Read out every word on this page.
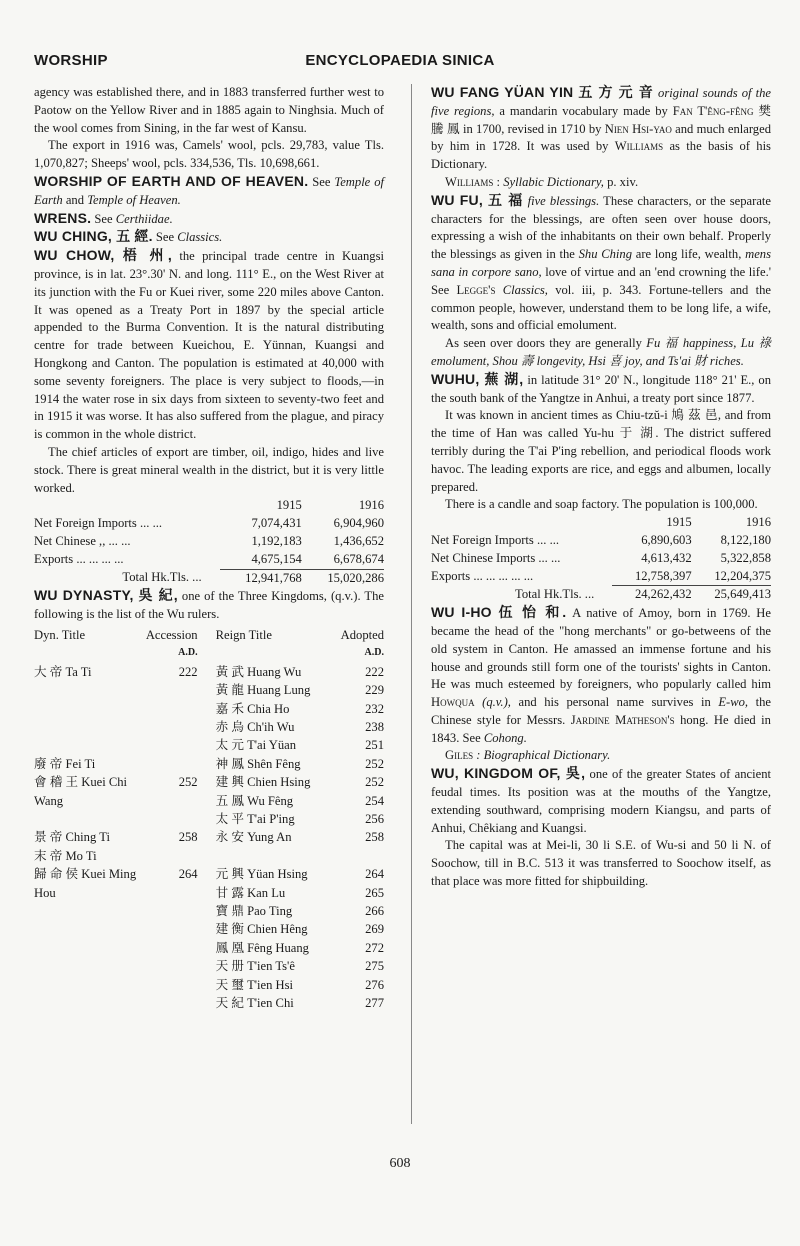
WORSHIP	ENCYCLOPAEDIA SINICA

agency was established there, and in 1883 transferred further west to Paotow on the Yellow River and in 1885 again to Ninghsia. Much of the wool comes from Sining, in the far west of Kansu.

The export in 1916 was, Camels' wool, pcls. 29,783, value Tls. 1,070,827; Sheeps' wool, pcls. 334,536, Tls. 10,698,661.

WORSHIP OF EARTH AND OF HEAVEN. See Temple of Earth and Temple of Heaven.

WRENS. See Certhiidae.

WU CHING, 五 經. See Classics.

WU CHOW, 梧 州, the principal trade centre in Kuangsi province, is in lat. 23°.30' N. and long. 111° E., on the West River at its junction with the Fu or Kuei river, some 220 miles above Canton. It was opened as a Treaty Port in 1897 by the special article appended to the Burma Convention. It is the natural distributing centre for trade between Kueichou, E. Yünnan, Kuangsi and Hongkong and Canton. The population is estimated at 40,000 with some seventy foreigners. The place is very subject to floods,—in 1914 the water rose in six days from sixteen to seventy-two feet and in 1915 it was worse. It has also suffered from the plague, and piracy is common in the whole district.

The chief articles of export are timber, oil, indigo, hides and live stock. There is great mineral wealth in the district, but it is very little worked.

	1915	1916
Net Foreign Imports ... ...	7,074,431	6,904,960
Net Chinese ,, ... ...	1,192,183	1,436,652
Exports ... ... ... ...	4,675,154	6,678,674
Total Hk.Tls. ...	12,941,768	15,020,286

WU DYNASTY, 吳 紀, one of the Three Kingdoms, (q.v.). The following is the list of the Wu rulers.

Dyn. Title	Accession	Reign Title	Adopted
	A.D.		A.D.
大 帝 Ta Ti	222	黃 武 Huang Wu	222
		黃 龍 Huang Lung	229
		嘉 禾 Chia Ho	232
		赤 烏 Ch'ih Wu	238
		太 元 T'ai Yüan	251
廢 帝 Fei Ti		神 鳳 Shên Fêng	252
會 稽 王 Kuei Chi	252	建 興 Chien Hsing	252
Wang		五 鳳 Wu Fêng	254
		太 平 T'ai P'ing	256
景 帝 Ching Ti	258	永 安 Yung An	258
末 帝 Mo Ti			
歸 命 侯 Kuei Ming	264	元 興 Yüan Hsing	264
Hou		甘 露 Kan Lu	265
		寶 鼎 Pao Ting	266
		建 衡 Chien Hêng	269
		鳳 凰 Fêng Huang	272
		天 册 T'ien Ts'ê	275
		天 璽 T'ien Hsi	276
		天 紀 T'ien Chi	277

WU FANG YÜAN YIN 五 方 元 音 original sounds of the five regions, a mandarin vocabulary made by Fan T'êng-fêng 樊 騰 鳳 in 1700, revised in 1710 by Nien Hsi-yao and much enlarged by him in 1728. It was used by Williams as the basis of his Dictionary.

Williams : Syllabic Dictionary, p. xiv.

WU FU, 五 福 five blessings. These characters, or the separate characters for the blessings, are often seen over house doors, expressing a wish of the inhabitants on their own behalf. Properly the blessings as given in the Shu Ching are long life, wealth, mens sana in corpore sano, love of virtue and an 'end crowning the life.' See Legge's Classics, vol. iii, p. 343. Fortune-tellers and the common people, however, understand them to be long life, a wife, wealth, sons and official emolument.

As seen over doors they are generally Fu 福 happiness, Lu 祿 emolument, Shou 壽 longevity, Hsi 喜 joy, and Ts'ai 財 riches.

WUHU, 蕪 湖, in latitude 31° 20' N., longitude 118° 21' E., on the south bank of the Yangtze in Anhui, a treaty port since 1877.

It was known in ancient times as Chiu-tzŭ-i 鳩 茲 邑, and from the time of Han was called Yu-hu 于 湖. The district suffered terribly during the T'ai P'ing rebellion, and periodical floods work havoc. The leading exports are rice, and eggs and albumen, locally prepared.

There is a candle and soap factory. The population is 100,000.

	1915	1916
Net Foreign Imports ... ...	6,890,603	8,122,180
Net Chinese Imports ... ...	4,613,432	5,322,858
Exports ... ... ... ... ...	12,758,397	12,204,375
Total Hk.Tls. ...	24,262,432	25,649,413

WU I-HO 伍 怡 和. A native of Amoy, born in 1769. He became the head of the "hong merchants" or go-betweens of the old system in Canton. He amassed an immense fortune and his house and grounds still form one of the tourists' sights in Canton. He was much esteemed by foreigners, who popularly called him Howqua (q.v.), and his personal name survives in E-wo, the Chinese style for Messrs. Jardine Matheson's hong. He died in 1843. See Cohong.

Giles : Biographical Dictionary.

WU, KINGDOM OF, 吳, one of the greater States of ancient feudal times. Its position was at the mouths of the Yangtze, extending southward, comprising modern Kiangsu, and parts of Anhui, Chêkiang and Kuangsi.

The capital was at Mei-li, 30 li S.E. of Wu-si and 50 li N. of Soochow, till in B.C. 513 it was transferred to Soochow itself, as that place was more fitted for shipbuilding.

608
